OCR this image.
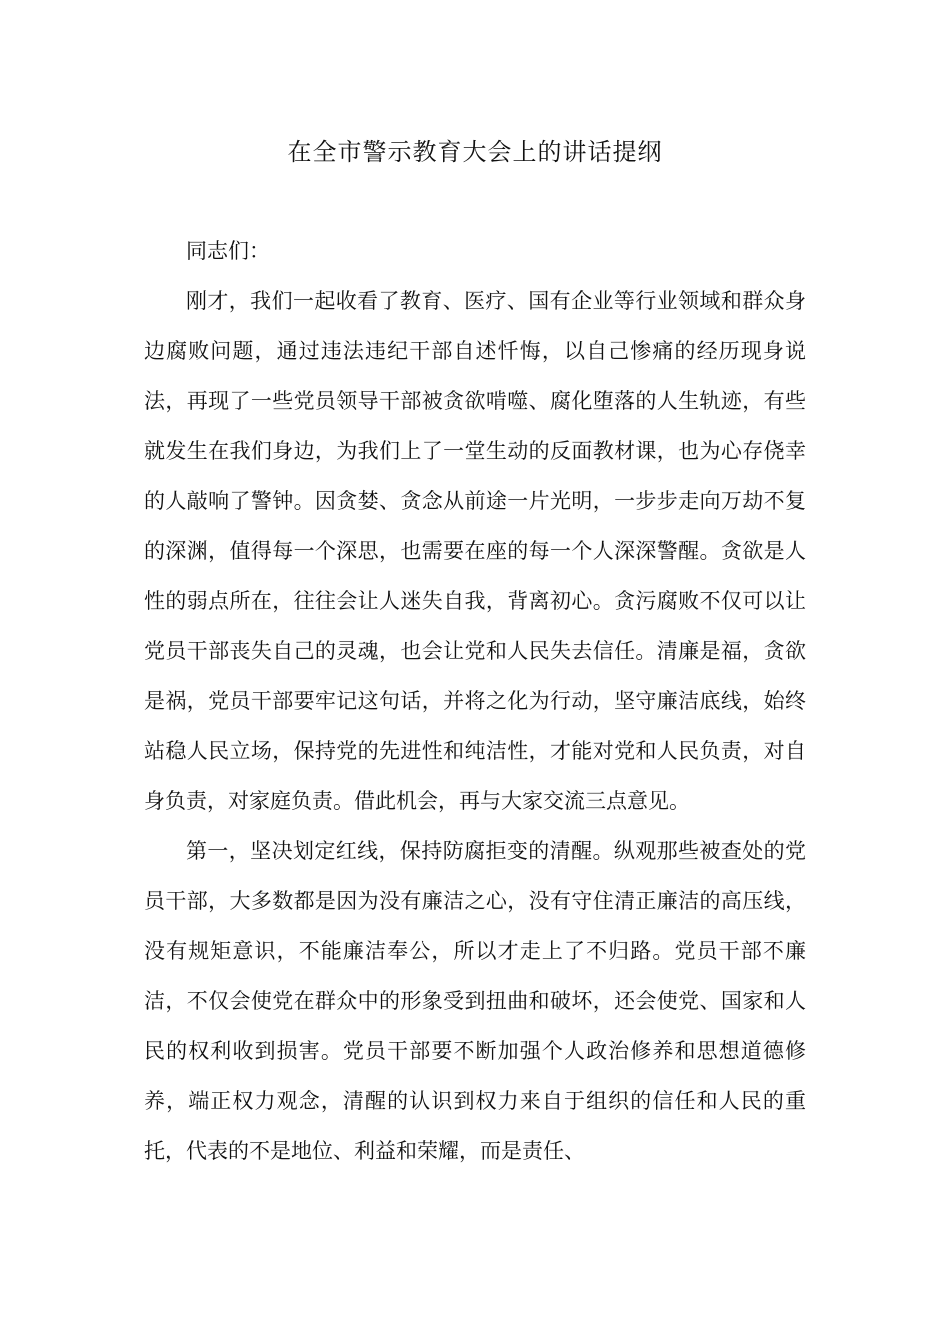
在全市警示教育大会上的讲话提纲

同志们：

刚才，我们一起收看了教育、医疗、国有企业等行业领域和群众身边腐败问题，通过违法违纪干部自述忏悔，以自己惨痛的经历现身说法，再现了一些党员领导干部被贪欲啃噬、腐化堕落的人生轨迹，有些就发生在我们身边，为我们上了一堂生动的反面教材课，也为心存侥幸的人敲响了警钟。因贪婪、贪念从前途一片光明，一步步走向万劫不复的深渊，值得每一个深思，也需要在座的每一个人深深警醒。贪欲是人性的弱点所在，往往会让人迷失自我，背离初心。贪污腐败不仅可以让党员干部丧失自己的灵魂，也会让党和人民失去信任。清廉是福，贪欲是祸，党员干部要牢记这句话，并将之化为行动，坚守廉洁底线，始终站稳人民立场，保持党的先进性和纯洁性，才能对党和人民负责，对自身负责，对家庭负责。借此机会，再与大家交流三点意见。

第一，坚决划定红线，保持防腐拒变的清醒。纵观那些被查处的党员干部，大多数都是因为没有廉洁之心，没有守住清正廉洁的高压线，没有规矩意识，不能廉洁奉公，所以才走上了不归路。党员干部不廉洁，不仅会使党在群众中的形象受到扭曲和破坏，还会使党、国家和人民的权利收到损害。党员干部要不断加强个人政治修养和思想道德修养，端正权力观念，清醒的认识到权力来自于组织的信任和人民的重托，代表的不是地位、利益和荣耀，而是责任、
